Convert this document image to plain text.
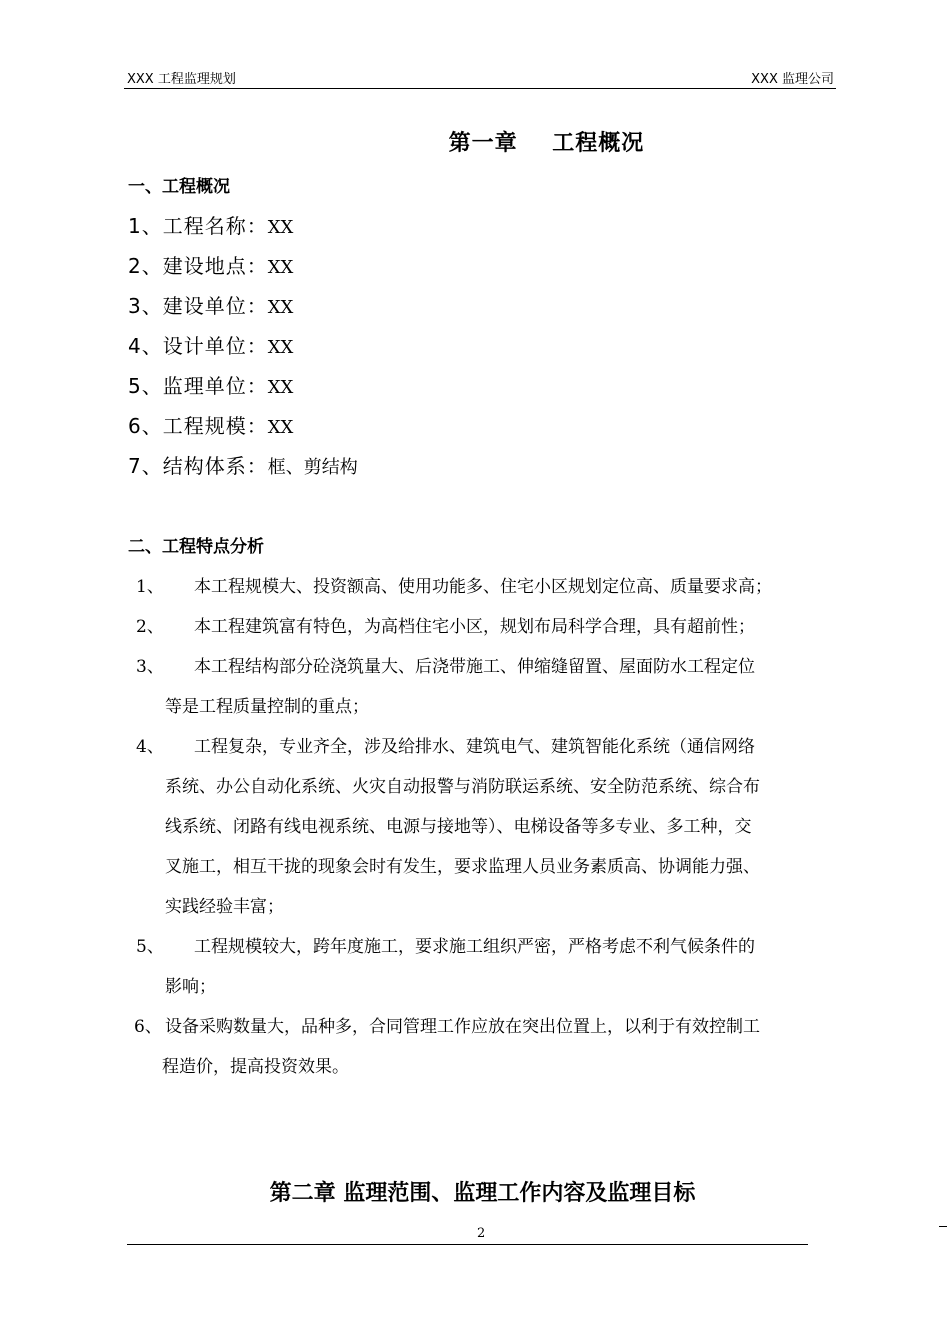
XXX 工程监理规划	XXX 监理公司
第一章    工程概况
一、工程概况
1、工程名称：XX
2、建设地点：XX
3、建设单位：XX
4、设计单位：XX
5、监理单位：XX
6、工程规模：XX
7、结构体系：框、剪结构
二、工程特点分析
1、 本工程规模大、投资额高、使用功能多、住宅小区规划定位高、质量要求高；
2、 本工程建筑富有特色，为高档住宅小区，规划布局科学合理，具有超前性；
3、 本工程结构部分砼浇筑量大、后浇带施工、伸缩缝留置、屋面防水工程定位
等是工程质量控制的重点；
4、 工程复杂，专业齐全，涉及给排水、建筑电气、建筑智能化系统（通信网络
系统、办公自动化系统、火灾自动报警与消防联运系统、安全防范系统、综合布
线系统、闭路有线电视系统、电源与接地等）、电梯设备等多专业、多工种，交
叉施工，相互干拢的现象会时有发生，要求监理人员业务素质高、协调能力强、
实践经验丰富；
5、 工程规模较大，跨年度施工，要求施工组织严密，严格考虑不利气候条件的
影响；
6、 设备采购数量大，品种多，合同管理工作应放在突出位置上，以利于有效控制工
程造价，提高投资效果。
第二章 监理范围、监理工作内容及监理目标
2
